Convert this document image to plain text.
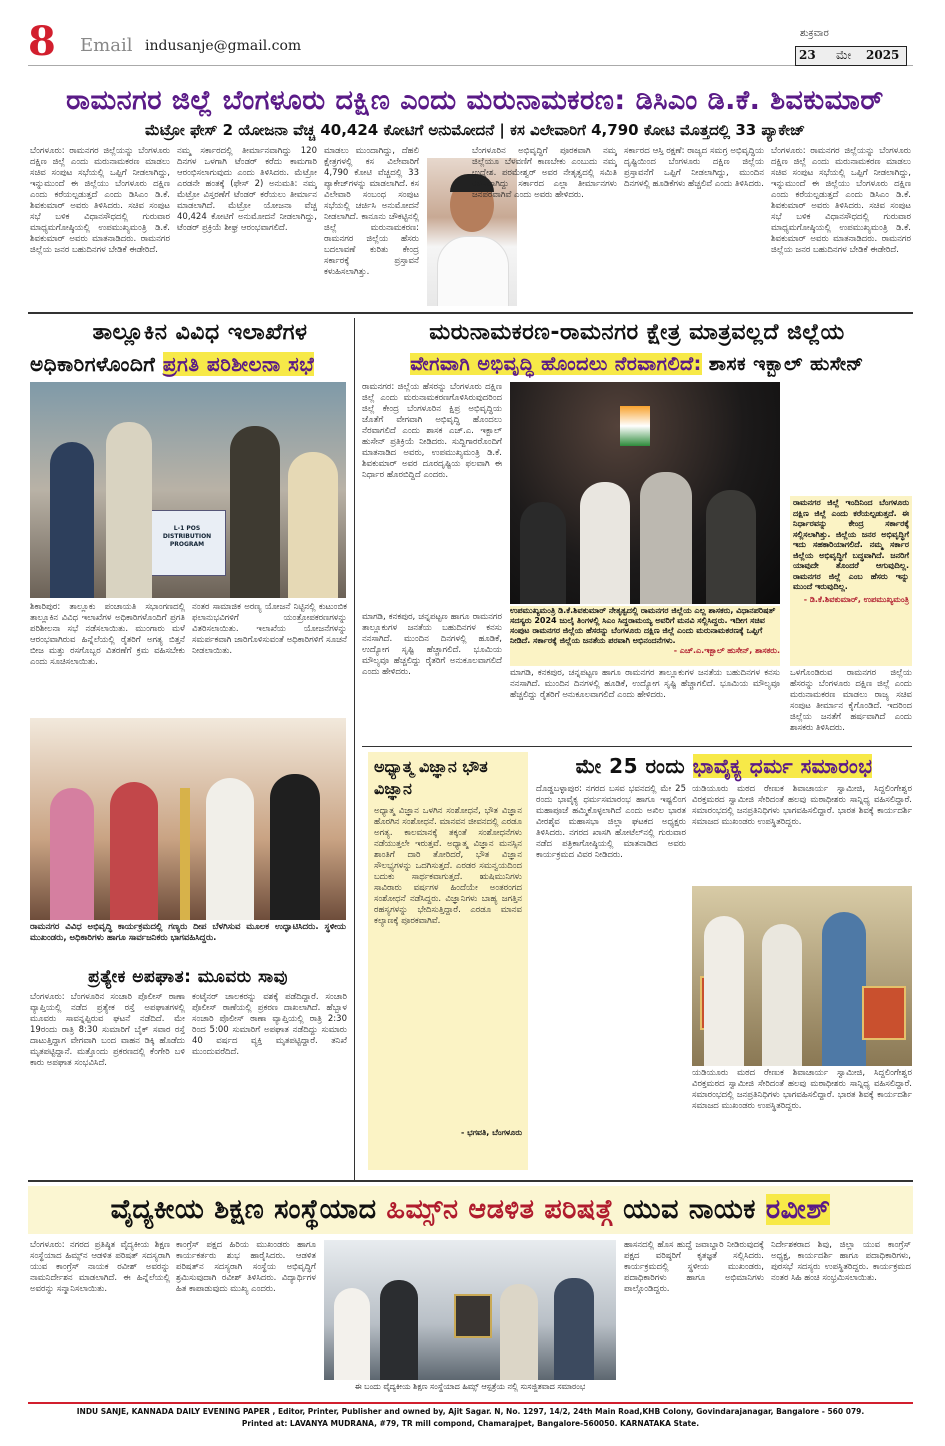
8 Email indusanje@gmail.com
ಶುಕ್ರವಾರ
23 ಮೇ 2025
ರಾಮನಗರ ಜಿಲ್ಲೆ ಬೆಂಗಳೂರು ದಕ್ಷಿಣ ಎಂದು ಮರುನಾಮಕರಣ: ಡಿಸಿಎಂ ಡಿ.ಕೆ. ಶಿವಕುಮಾರ್
ಮೆಟ್ರೋ ಫೇಸ್ 2 ಯೋಜನಾ ವೆಚ್ಚ 40,424 ಕೋಟಿಗೆ ಅನುಮೋದನೆ | ಕಸ ವಿಲೇವಾರಿಗೆ 4,790 ಕೋಟಿ ಮೊತ್ತದಲ್ಲಿ 33 ಪ್ಯಾಕೇಜ್
ಬೆಂಗಳೂರು: ರಾಮನಗರ ಜಿಲ್ಲೆಯನ್ನು ಬೆಂಗಳೂರು ದಕ್ಷಿಣ ಜಿಲ್ಲೆ ಎಂದು ಮರುನಾಮಕರಣ ಮಾಡಲು ಸಚಿವ ಸಂಪುಟ ಸಭೆಯಲ್ಲಿ ಒಪ್ಪಿಗೆ ನೀಡಲಾಗಿದ್ದು, ಇನ್ನುಮುಂದೆ ಈ ಜಿಲ್ಲೆಯು ಬೆಂಗಳೂರು ದಕ್ಷಿಣ ಎಂದು ಕರೆಯಲ್ಪಡುತ್ತದೆ ಎಂದು ಡಿಸಿಎಂ ಡಿ.ಕೆ. ಶಿವಕುಮಾರ್ ಅವರು ತಿಳಿಸಿದರು. ಸಚಿವ ಸಂಪುಟ ಸಭೆ ಬಳಿಕ ವಿಧಾನಸೌಧದಲ್ಲಿ ಗುರುವಾರ ಮಾಧ್ಯಮಗೋಷ್ಠಿಯಲ್ಲಿ ಉಪಮುಖ್ಯಮಂತ್ರಿ ಡಿ.ಕೆ. ಶಿವಕುಮಾರ್ ಅವರು ಮಾತನಾಡಿದರು. ರಾಮನಗರ ಜಿಲ್ಲೆಯ ಜನರ ಬಹುದಿನಗಳ ಬೇಡಿಕೆ ಈಡೇರಿದೆ.
ನಮ್ಮ ಸರ್ಕಾರದಲ್ಲಿ ತೀರ್ಮಾನವಾಗಿದ್ದು 120 ದಿನಗಳ ಒಳಗಾಗಿ ಟೆಂಡರ್ ಕರೆದು ಕಾಮಗಾರಿ ಆರಂಭಿಸಲಾಗುವುದು ಎಂದು ತಿಳಿಸಿದರು. ಮೆಟ್ರೋ ಎರಡನೇ ಹಂತಕ್ಕೆ (ಫೇಸ್ 2) ಅನುಮತಿ: ನಮ್ಮ ಮೆಟ್ರೋ ವಿಸ್ತರಣೆಗೆ ಟೆಂಡರ್ ಕರೆಯಲು ತೀರ್ಮಾನ ಮಾಡಲಾಗಿದೆ. ಮೆಟ್ರೋ ಯೋಜನಾ ವೆಚ್ಚ 40,424 ಕೋಟಿಗೆ ಅನುಮೋದನೆ ನೀಡಲಾಗಿದ್ದು, ಟೆಂಡರ್ ಪ್ರಕ್ರಿಯೆ ಶೀಘ್ರ ಆರಂಭವಾಗಲಿದೆ.
ಮಾಡಲು ಮುಂದಾಗಿದ್ದು, ದೆಹಲಿ ಕ್ಷೇತ್ರಗಳಲ್ಲಿ ಕಸ ವಿಲೇವಾರಿಗೆ 4,790 ಕೋಟಿ ವೆಚ್ಚದಲ್ಲಿ 33 ಪ್ಯಾಕೇಜ್‌ಗಳನ್ನು ಮಾಡಲಾಗಿದೆ. ಕಸ ವಿಲೇವಾರಿ ಸಂಬಂಧ ಸಂಪುಟ ಸಭೆಯಲ್ಲಿ ಚರ್ಚಿಸಿ ಅನುಮೋದನೆ ನೀಡಲಾಗಿದೆ. ಕಾನೂನು ಚೌಕಟ್ಟಿನಲ್ಲಿ ಜಿಲ್ಲೆ ಮರುನಾಮಕರಣ: ರಾಮನಗರ ಜಿಲ್ಲೆಯ ಹೆಸರು ಬದಲಾವಣೆ ಕುರಿತು ಕೇಂದ್ರ ಸರ್ಕಾರಕ್ಕೆ ಪ್ರಸ್ತಾವನೆ ಕಳುಹಿಸಲಾಗಿತ್ತು.
ಬೆಂಗಳೂರಿನ ಅಭಿವೃದ್ಧಿಗೆ ಪೂರಕವಾಗಿ ನಮ್ಮ ಜಿಲ್ಲೆಯೂ ಬೆಳವಣಿಗೆ ಕಾಣಬೇಕು ಎಂಬುದು ನಮ್ಮ ಉದ್ದೇಶ. ಪರಮೇಶ್ವರ್ ಅವರ ನೇತೃತ್ವದಲ್ಲಿ ಸಮಿತಿ ರಚಿಸಲಾಗಿದ್ದು ಸರ್ಕಾರದ ಎಲ್ಲಾ ತೀರ್ಮಾನಗಳು ಜನಪರವಾಗಿವೆ ಎಂದು ಅವರು ಹೇಳಿದರು.
ಸರ್ಕಾರದ ಆಸ್ತಿ ರಕ್ಷಣೆ: ರಾಜ್ಯದ ಸಮಗ್ರ ಅಭಿವೃದ್ಧಿಯ ದೃಷ್ಟಿಯಿಂದ ಬೆಂಗಳೂರು ದಕ್ಷಿಣ ಜಿಲ್ಲೆಯ ಪ್ರಸ್ತಾವನೆಗೆ ಒಪ್ಪಿಗೆ ನೀಡಲಾಗಿದ್ದು, ಮುಂದಿನ ದಿನಗಳಲ್ಲಿ ಹೂಡಿಕೆಗಳು ಹೆಚ್ಚಲಿವೆ ಎಂದು ತಿಳಿಸಿದರು.
ಬೆಂಗಳೂರು: ರಾಮನಗರ ಜಿಲ್ಲೆಯನ್ನು ಬೆಂಗಳೂರು ದಕ್ಷಿಣ ಜಿಲ್ಲೆ ಎಂದು ಮರುನಾಮಕರಣ ಮಾಡಲು ಸಚಿವ ಸಂಪುಟ ಸಭೆಯಲ್ಲಿ ಒಪ್ಪಿಗೆ ನೀಡಲಾಗಿದ್ದು, ಇನ್ನುಮುಂದೆ ಈ ಜಿಲ್ಲೆಯು ಬೆಂಗಳೂರು ದಕ್ಷಿಣ ಎಂದು ಕರೆಯಲ್ಪಡುತ್ತದೆ ಎಂದು ಡಿಸಿಎಂ ಡಿ.ಕೆ. ಶಿವಕುಮಾರ್ ಅವರು ತಿಳಿಸಿದರು. ಸಚಿವ ಸಂಪುಟ ಸಭೆ ಬಳಿಕ ವಿಧಾನಸೌಧದಲ್ಲಿ ಗುರುವಾರ ಮಾಧ್ಯಮಗೋಷ್ಠಿಯಲ್ಲಿ ಉಪಮುಖ್ಯಮಂತ್ರಿ ಡಿ.ಕೆ. ಶಿವಕುಮಾರ್ ಅವರು ಮಾತನಾಡಿದರು. ರಾಮನಗರ ಜಿಲ್ಲೆಯ ಜನರ ಬಹುದಿನಗಳ ಬೇಡಿಕೆ ಈಡೇರಿದೆ.
ತಾಲ್ಲೂಕಿನ ವಿವಿಧ ಇಲಾಖೆಗಳ
ಅಧಿಕಾರಿಗಳೊಂದಿಗೆ ಪ್ರಗತಿ ಪರಿಶೀಲನಾ ಸಭೆ
L-1 POS DISTRIBUTION PROGRAM
ಶಿಕಾರಿಪುರ: ತಾಲ್ಲೂಕು ಪಂಚಾಯತಿ ಸಭಾಂಗಣದಲ್ಲಿ ತಾಲ್ಲೂಕಿನ ವಿವಿಧ ಇಲಾಖೆಗಳ ಅಧಿಕಾರಿಗಳೊಂದಿಗೆ ಪ್ರಗತಿ ಪರಿಶೀಲನಾ ಸಭೆ ನಡೆಸಲಾಯಿತು. ಮುಂಗಾರು ಮಳೆ ಆರಂಭವಾಗಿರುವ ಹಿನ್ನೆಲೆಯಲ್ಲಿ ರೈತರಿಗೆ ಅಗತ್ಯ ಬಿತ್ತನೆ ಬೀಜ ಮತ್ತು ರಸಗೊಬ್ಬರ ವಿತರಣೆಗೆ ಕ್ರಮ ವಹಿಸಬೇಕು ಎಂದು ಸೂಚಿಸಲಾಯಿತು.
ನಂತರ ಸಾಮಾಜಿಕ ಅರಣ್ಯ ಯೋಜನೆ ನಿಟ್ಟಿನಲ್ಲಿ ಕುಟುಂಬಿಕ ಫಲಾನುಭವಿಗಳಿಗೆ ಯಂತ್ರೋಪಕರಣಗಳನ್ನು ವಿತರಿಸಲಾಯಿತು. ಇಲಾಖೆಯ ಯೋಜನೆಗಳನ್ನು ಸಮರ್ಪಕವಾಗಿ ಜಾರಿಗೊಳಿಸುವಂತೆ ಅಧಿಕಾರಿಗಳಿಗೆ ಸೂಚನೆ ನೀಡಲಾಯಿತು.
ರಾಮನಗರ ವಿವಿಧ ಅಭಿವೃದ್ಧಿ ಕಾರ್ಯಕ್ರಮದಲ್ಲಿ ಗಣ್ಯರು ದೀಪ ಬೆಳಗಿಸುವ ಮೂಲಕ ಉದ್ಘಾಟಿಸಿದರು. ಸ್ಥಳೀಯ ಮುಖಂಡರು, ಅಧಿಕಾರಿಗಳು ಹಾಗೂ ಸಾರ್ವಜನಿಕರು ಭಾಗವಹಿಸಿದ್ದರು.
ಪ್ರತ್ಯೇಕ ಅಪಘಾತ: ಮೂವರು ಸಾವು
ಬೆಂಗಳೂರು: ಬೆಂಗಳೂರಿನ ಸಂಚಾರಿ ಪೊಲೀಸ್ ಠಾಣಾ ವ್ಯಾಪ್ತಿಯಲ್ಲಿ ನಡೆದ ಪ್ರತ್ಯೇಕ ರಸ್ತೆ ಅಪಘಾತಗಳಲ್ಲಿ ಮೂವರು ಸಾವನ್ನಪ್ಪಿರುವ ಘಟನೆ ನಡೆದಿದೆ. ಮೇ 19ರಂದು ರಾತ್ರಿ 8:30 ಸುಮಾರಿಗೆ ಬೈಕ್ ಸವಾರ ರಸ್ತೆ ದಾಟುತ್ತಿದ್ದಾಗ ವೇಗವಾಗಿ ಬಂದ ವಾಹನ ಡಿಕ್ಕಿ ಹೊಡೆದು ಮೃತಪಟ್ಟಿದ್ದಾನೆ. ಮತ್ತೊಂದು ಪ್ರಕರಣದಲ್ಲಿ ಕೆಂಗೇರಿ ಬಳಿ ಕಾರು ಅಪಘಾತ ಸಂಭವಿಸಿದೆ.
ಕಂಟೈನರ್ ಚಾಲಕರನ್ನು ವಶಕ್ಕೆ ಪಡೆದಿದ್ದಾರೆ. ಸಂಚಾರಿ ಪೊಲೀಸ್ ಠಾಣೆಯಲ್ಲಿ ಪ್ರಕರಣ ದಾಖಲಾಗಿದೆ. ಹೆಬ್ಬಾಳ ಸಂಚಾರಿ ಪೊಲೀಸ್ ಠಾಣಾ ವ್ಯಾಪ್ತಿಯಲ್ಲಿ ರಾತ್ರಿ 2:30 ರಿಂದ 5:00 ಸುಮಾರಿಗೆ ಅಪಘಾತ ನಡೆದಿದ್ದು ಸುಮಾರು 40 ವರ್ಷದ ವ್ಯಕ್ತಿ ಮೃತಪಟ್ಟಿದ್ದಾರೆ. ತನಿಖೆ ಮುಂದುವರೆದಿದೆ.
ಮರುನಾಮಕರಣ-ರಾಮನಗರ ಕ್ಷೇತ್ರ ಮಾತ್ರವಲ್ಲದೆ ಜಿಲ್ಲೆಯ
ವೇಗವಾಗಿ ಅಭಿವೃದ್ಧಿ ಹೊಂದಲು ನೆರವಾಗಲಿದೆ: ಶಾಸಕ ಇಕ್ಬಾಲ್ ಹುಸೇನ್
ರಾಮನಗರ: ಜಿಲ್ಲೆಯ ಹೆಸರನ್ನು ಬೆಂಗಳೂರು ದಕ್ಷಿಣ ಜಿಲ್ಲೆ ಎಂದು ಮರುನಾಮಕರಣಗೊಳಿಸಿರುವುದರಿಂದ ಜಿಲ್ಲೆ ಕೇಂದ್ರ ಬೆಂಗಳೂರಿನ ಕ್ಷಿಪ್ರ ಅಭಿವೃದ್ಧಿಯ ಜೊತೆಗೆ ವೇಗವಾಗಿ ಅಭಿವೃದ್ಧಿ ಹೊಂದಲು ನೆರವಾಗಲಿದೆ ಎಂದು ಶಾಸಕ ಎಚ್.ಎ. ಇಕ್ಬಾಲ್ ಹುಸೇನ್ ಪ್ರತಿಕ್ರಿಯೆ ನೀಡಿದರು. ಸುದ್ದಿಗಾರರೊಂದಿಗೆ ಮಾತನಾಡಿದ ಅವರು, ಉಪಮುಖ್ಯಮಂತ್ರಿ ಡಿ.ಕೆ. ಶಿವಕುಮಾರ್ ಅವರ ದೂರದೃಷ್ಟಿಯ ಫಲವಾಗಿ ಈ ನಿರ್ಧಾರ ಹೊರಬಿದ್ದಿದೆ ಎಂದರು.
ಉಪಮುಖ್ಯಮಂತ್ರಿ ಡಿ.ಕೆ.ಶಿವಕುಮಾರ್ ನೇತೃತ್ವದಲ್ಲಿ ರಾಮನಗರ ಜಿಲ್ಲೆಯ ಎಲ್ಲ ಶಾಸಕರು, ವಿಧಾನಪರಿಷತ್ ಸದಸ್ಯರು 2024 ಜುಲೈ ತಿಂಗಳಲ್ಲಿ ಸಿಎಂ ಸಿದ್ದರಾಮಯ್ಯ ಅವರಿಗೆ ಮನವಿ ಸಲ್ಲಿಸಿದ್ದರು. ಇದೀಗ ಸಚಿವ ಸಂಪುಟ ರಾಮನಗರ ಜಿಲ್ಲೆಯ ಹೆಸರನ್ನು ಬೆಂಗಳೂರು ದಕ್ಷಿಣ ಜಿಲ್ಲೆ ಎಂದು ಮರುನಾಮಕರಣಕ್ಕೆ ಒಪ್ಪಿಗೆ ನೀಡಿದೆ. ಸರ್ಕಾರಕ್ಕೆ ಜಿಲ್ಲೆಯ ಜನತೆಯ ಪರವಾಗಿ ಅಭಿನಂದನೆಗಳು.
- ಎಚ್.ಎ.ಇಕ್ಬಾಲ್ ಹುಸೇನ್, ಶಾಸಕರು.
ರಾಮನಗರ ಜಿಲ್ಲೆ ಇಂದಿನಿಂದ ಬೆಂಗಳೂರು ದಕ್ಷಿಣ ಜಿಲ್ಲೆ ಎಂದು ಕರೆಯಲ್ಪಡುತ್ತದೆ. ಈ ನಿರ್ಧಾರವನ್ನು ಕೇಂದ್ರ ಸರ್ಕಾರಕ್ಕೆ ಸಲ್ಲಿಸಲಾಗಿತ್ತು. ಜಿಲ್ಲೆಯ ಜನರ ಅಭಿವೃದ್ಧಿಗೆ ಇದು ಸಹಕಾರಿಯಾಗಲಿದೆ. ನಮ್ಮ ಸರ್ಕಾರ ಜಿಲ್ಲೆಯ ಅಭಿವೃದ್ಧಿಗೆ ಬದ್ಧವಾಗಿದೆ. ಜನರಿಗೆ ಯಾವುದೇ ತೊಂದರೆ ಆಗುವುದಿಲ್ಲ. ರಾಮನಗರ ಜಿಲ್ಲೆ ಎಂಬ ಹೆಸರು ಇನ್ನು ಮುಂದೆ ಇರುವುದಿಲ್ಲ.
- ಡಿ.ಕೆ.ಶಿವಕುಮಾರ್, ಉಪಮುಖ್ಯಮಂತ್ರಿ
ಮಾಗಡಿ, ಕನಕಪುರ, ಚನ್ನಪಟ್ಟಣ ಹಾಗೂ ರಾಮನಗರ ತಾಲ್ಲೂಕುಗಳ ಜನತೆಯ ಬಹುದಿನಗಳ ಕನಸು ನನಸಾಗಿದೆ. ಮುಂದಿನ ದಿನಗಳಲ್ಲಿ ಹೂಡಿಕೆ, ಉದ್ಯೋಗ ಸೃಷ್ಟಿ ಹೆಚ್ಚಾಗಲಿದೆ. ಭೂಮಿಯ ಮೌಲ್ಯವೂ ಹೆಚ್ಚಲಿದ್ದು ರೈತರಿಗೆ ಅನುಕೂಲವಾಗಲಿದೆ ಎಂದು ಹೇಳಿದರು.
ಒಳಗೊಂಡಿರುವ ರಾಮನಗರ ಜಿಲ್ಲೆಯ ಹೆಸರನ್ನು ಬೆಂಗಳೂರು ದಕ್ಷಿಣ ಜಿಲ್ಲೆ ಎಂದು ಮರುನಾಮಕರಣ ಮಾಡಲು ರಾಜ್ಯ ಸಚಿವ ಸಂಪುಟ ತೀರ್ಮಾನ ಕೈಗೊಂಡಿದೆ. ಇದರಿಂದ ಜಿಲ್ಲೆಯ ಜನತೆಗೆ ಹರ್ಷವಾಗಿದೆ ಎಂದು ಶಾಸಕರು ತಿಳಿಸಿದರು.
ಮಾಗಡಿ, ಕನಕಪುರ, ಚನ್ನಪಟ್ಟಣ ಹಾಗೂ ರಾಮನಗರ ತಾಲ್ಲೂಕುಗಳ ಜನತೆಯ ಬಹುದಿನಗಳ ಕನಸು ನನಸಾಗಿದೆ. ಮುಂದಿನ ದಿನಗಳಲ್ಲಿ ಹೂಡಿಕೆ, ಉದ್ಯೋಗ ಸೃಷ್ಟಿ ಹೆಚ್ಚಾಗಲಿದೆ. ಭೂಮಿಯ ಮೌಲ್ಯವೂ ಹೆಚ್ಚಲಿದ್ದು ರೈತರಿಗೆ ಅನುಕೂಲವಾಗಲಿದೆ ಎಂದು ಹೇಳಿದರು.
ಅಧ್ಯಾತ್ಮ ವಿಜ್ಞಾನ ಭೌತ ವಿಜ್ಞಾನ
ಅಧ್ಯಾತ್ಮ ವಿಜ್ಞಾನ ಒಳಗಿನ ಸಂಶೋಧನೆ, ಭೌತ ವಿಜ್ಞಾನ ಹೊರಗಿನ ಸಂಶೋಧನೆ. ಮಾನವನ ಜೀವನದಲ್ಲಿ ಎರಡೂ ಅಗತ್ಯ. ಕಾಲಮಾನಕ್ಕೆ ತಕ್ಕಂತೆ ಸಂಶೋಧನೆಗಳು ನಡೆಯುತ್ತಲೇ ಇರುತ್ತವೆ. ಅಧ್ಯಾತ್ಮ ವಿಜ್ಞಾನ ಮನಸ್ಸಿನ ಶಾಂತಿಗೆ ದಾರಿ ತೋರಿದರೆ, ಭೌತ ವಿಜ್ಞಾನ ಸೌಲಭ್ಯಗಳನ್ನು ಒದಗಿಸುತ್ತದೆ. ಎರಡರ ಸಮನ್ವಯದಿಂದ ಬದುಕು ಸಾರ್ಥಕವಾಗುತ್ತದೆ. ಋಷಿಮುನಿಗಳು ಸಾವಿರಾರು ವರ್ಷಗಳ ಹಿಂದೆಯೇ ಅಂತರಂಗದ ಸಂಶೋಧನೆ ನಡೆಸಿದ್ದರು. ವಿಜ್ಞಾನಿಗಳು ಬಾಹ್ಯ ಜಗತ್ತಿನ ರಹಸ್ಯಗಳನ್ನು ಭೇದಿಸುತ್ತಿದ್ದಾರೆ. ಎರಡೂ ಮಾನವ ಕಲ್ಯಾಣಕ್ಕೆ ಪೂರಕವಾಗಿವೆ.
- ಭಗವತಿ, ಬೆಂಗಳೂರು
ಮೇ 25 ರಂದು ಭಾವೈಕ್ಯ ಧರ್ಮ ಸಮಾರಂಭ
ದೊಡ್ಡಬಳ್ಳಾಪುರ: ನಗರದ ಬಸವ ಭವನದಲ್ಲಿ ಮೇ 25 ರಂದು ಭಾವೈಕ್ಯ ಧರ್ಮಸಮಾರಂಭ ಹಾಗೂ ಇಷ್ಟಲಿಂಗ ಮಹಾಪೂಜೆ ಹಮ್ಮಿಕೊಳ್ಳಲಾಗಿದೆ ಎಂದು ಅಖಿಲ ಭಾರತ ವೀರಶೈವ ಮಹಾಸಭಾ ಜಿಲ್ಲಾ ಘಟಕದ ಅಧ್ಯಕ್ಷರು ತಿಳಿಸಿದರು. ನಗರದ ಖಾಸಗಿ ಹೋಟೆಲ್‌ನಲ್ಲಿ ಗುರುವಾರ ನಡೆದ ಪತ್ರಿಕಾಗೋಷ್ಠಿಯಲ್ಲಿ ಮಾತನಾಡಿದ ಅವರು ಕಾರ್ಯಕ್ರಮದ ವಿವರ ನೀಡಿದರು.
ಯಡಿಯೂರು ಮಠದ ರೇಣುಕ ಶಿವಾಚಾರ್ಯ ಸ್ವಾಮೀಜಿ, ಸಿದ್ದಲಿಂಗೇಶ್ವರ ವಿರಕ್ತಮಠದ ಸ್ವಾಮೀಜಿ ಸೇರಿದಂತೆ ಹಲವು ಮಠಾಧೀಶರು ಸಾನ್ನಿಧ್ಯ ವಹಿಸಲಿದ್ದಾರೆ. ಸಮಾರಂಭದಲ್ಲಿ ಜನಪ್ರತಿನಿಧಿಗಳು ಭಾಗವಹಿಸಲಿದ್ದಾರೆ. ಭಾರತ ಶಿವಕ್ಕೆ ಕಾರ್ಯದರ್ಶಿ ಸಮಾಜದ ಮುಖಂಡರು ಉಪಸ್ಥಿತರಿದ್ದರು.
ಯಡಿಯೂರು ಮಠದ ರೇಣುಕ ಶಿವಾಚಾರ್ಯ ಸ್ವಾಮೀಜಿ, ಸಿದ್ದಲಿಂಗೇಶ್ವರ ವಿರಕ್ತಮಠದ ಸ್ವಾಮೀಜಿ ಸೇರಿದಂತೆ ಹಲವು ಮಠಾಧೀಶರು ಸಾನ್ನಿಧ್ಯ ವಹಿಸಲಿದ್ದಾರೆ. ಸಮಾರಂಭದಲ್ಲಿ ಜನಪ್ರತಿನಿಧಿಗಳು ಭಾಗವಹಿಸಲಿದ್ದಾರೆ. ಭಾರತ ಶಿವಕ್ಕೆ ಕಾರ್ಯದರ್ಶಿ ಸಮಾಜದ ಮುಖಂಡರು ಉಪಸ್ಥಿತರಿದ್ದರು.
ವೈದ್ಯಕೀಯ ಶಿಕ್ಷಣ ಸಂಸ್ಥೆಯಾದ ಹಿಮ್ಸ್‌ನ ಆಡಳಿತ ಪರಿಷತ್ಗೆ ಯುವ ನಾಯಕ ರವೀಶ್
ಬೆಂಗಳೂರು: ನಗರದ ಪ್ರತಿಷ್ಠಿತ ವೈದ್ಯಕೀಯ ಶಿಕ್ಷಣ ಸಂಸ್ಥೆಯಾದ ಹಿಮ್ಸ್‌ನ ಆಡಳಿತ ಪರಿಷತ್ ಸದಸ್ಯರಾಗಿ ಯುವ ಕಾಂಗ್ರೆಸ್ ನಾಯಕ ರವೀಶ್ ಅವರನ್ನು ನಾಮನಿರ್ದೇಶನ ಮಾಡಲಾಗಿದೆ. ಈ ಹಿನ್ನೆಲೆಯಲ್ಲಿ ಅವರನ್ನು ಸನ್ಮಾನಿಸಲಾಯಿತು.
ಕಾಂಗ್ರೆಸ್ ಪಕ್ಷದ ಹಿರಿಯ ಮುಖಂಡರು ಹಾಗೂ ಕಾರ್ಯಕರ್ತರು ಶುಭ ಹಾರೈಸಿದರು. ಆಡಳಿತ ಪರಿಷತ್‌ನ ಸದಸ್ಯರಾಗಿ ಸಂಸ್ಥೆಯ ಅಭಿವೃದ್ಧಿಗೆ ಶ್ರಮಿಸುವುದಾಗಿ ರವೀಶ್ ತಿಳಿಸಿದರು. ವಿದ್ಯಾರ್ಥಿಗಳ ಹಿತ ಕಾಪಾಡುವುದು ಮುಖ್ಯ ಎಂದರು.
ಈ ಬಂದು ವೈದ್ಯಕೀಯ ಶಿಕ್ಷಣ ಸಂಸ್ಥೆಯಾದ ಹಿಮ್ಸ್ ಆಸ್ಪತ್ರೆಯ ನಲ್ಲಿ ಸುಸಜ್ಜಿತವಾದ ಸಮಾರಂಭ
ಹಾಸನದಲ್ಲಿ ಹೊಸ ಹುದ್ದೆ ಜವಾಬ್ದಾರಿ ನೀಡಿರುವುದಕ್ಕೆ ಪಕ್ಷದ ವರಿಷ್ಠರಿಗೆ ಕೃತಜ್ಞತೆ ಸಲ್ಲಿಸಿದರು. ಕಾರ್ಯಕ್ರಮದಲ್ಲಿ ಸ್ಥಳೀಯ ಮುಖಂಡರು, ಪದಾಧಿಕಾರಿಗಳು ಹಾಗೂ ಅಭಿಮಾನಿಗಳು ಪಾಲ್ಗೊಂಡಿದ್ದರು.
ನಿರ್ದೇಶಕರಾದ ಶಿವು, ಜಿಲ್ಲಾ ಯುವ ಕಾಂಗ್ರೆಸ್ ಅಧ್ಯಕ್ಷ, ಕಾರ್ಯದರ್ಶಿ ಹಾಗೂ ಪದಾಧಿಕಾರಿಗಳು, ಪುರಸಭೆ ಸದಸ್ಯರು ಉಪಸ್ಥಿತರಿದ್ದರು. ಕಾರ್ಯಕ್ರಮದ ನಂತರ ಸಿಹಿ ಹಂಚಿ ಸಂಭ್ರಮಿಸಲಾಯಿತು.
INDU SANJE, KANNADA DAILY EVENING PAPER , Editor, Printer, Publisher and owned by, Ajit Sagar. N, No. 1297, 14/2, 24th Main Road,KHB Colony, Govindarajanagar, Bangalore - 560 079.
Printed at: LAVANYA MUDRANA, #79, TR mill compond, Chamarajpet, Bangalore-560050. KARNATAKA State.
